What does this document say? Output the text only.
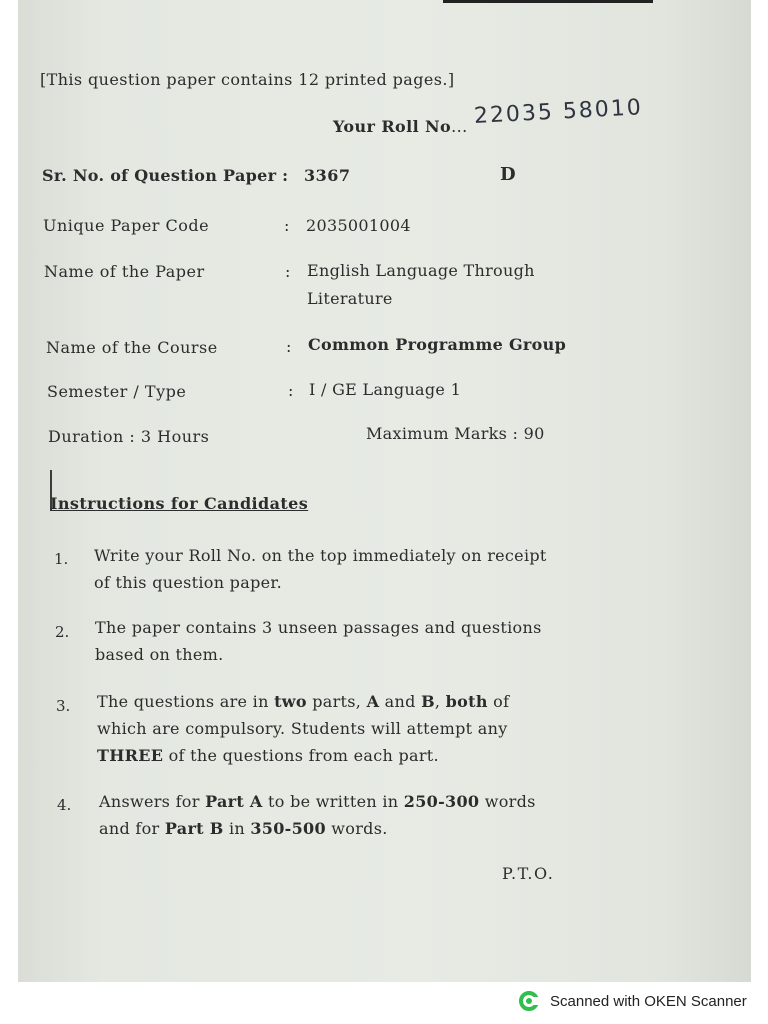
[This question paper contains 12 printed pages.]
Your Roll No... 22035 58010
Sr. No. of Question Paper : 3367	D
Unique Paper Code	: 2035001004
Name of the Paper	: English Language Through
Literature
Name of the Course	: Common Programme Group
Semester / Type	: I / GE Language 1
Duration : 3 Hours	Maximum Marks : 90
Instructions for Candidates
1. Write your Roll No. on the top immediately on receipt of this question paper.
2. The paper contains 3 unseen passages and questions based on them.
3. The questions are in two parts, A and B, both of which are compulsory. Students will attempt any THREE of the questions from each part.
4. Answers for Part A to be written in 250-300 words and for Part B in 350-500 words.
P.T.O.
Scanned with OKEN Scanner
